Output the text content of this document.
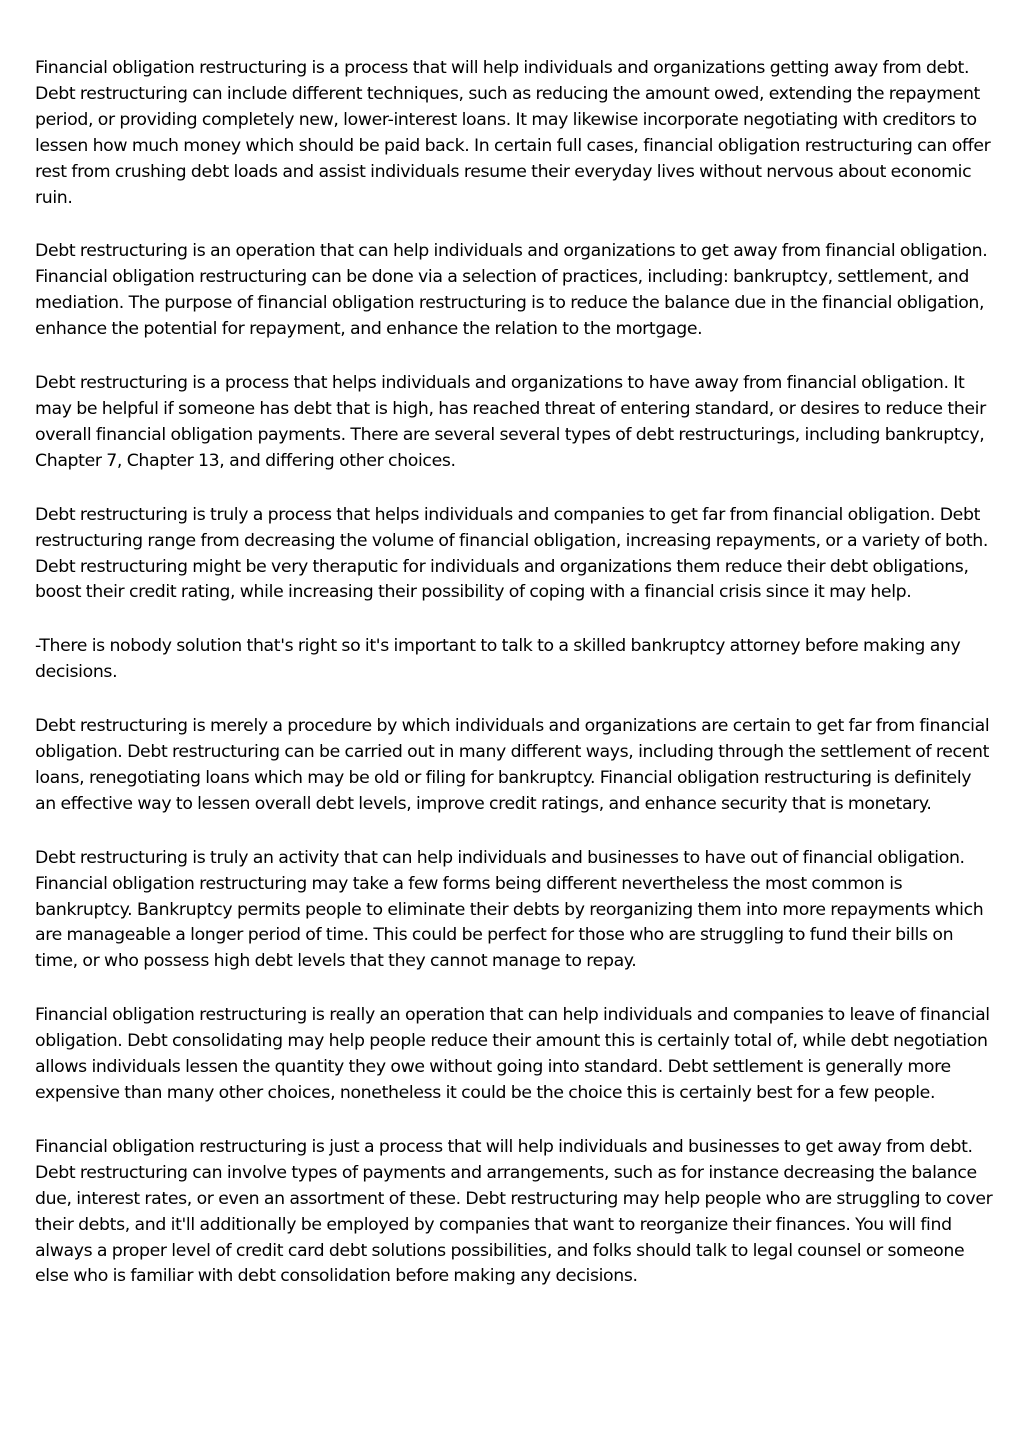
Financial obligation restructuring is a process that will help individuals and organizations getting away from debt. Debt restructuring can include different techniques, such as reducing the amount owed, extending the repayment period, or providing completely new, lower-interest loans. It may likewise incorporate negotiating with creditors to lessen how much money which should be paid back. In certain full cases, financial obligation restructuring can offer rest from crushing debt loads and assist individuals resume their everyday lives without nervous about economic ruin.

Debt restructuring is an operation that can help individuals and organizations to get away from financial obligation. Financial obligation restructuring can be done via a selection of practices, including: bankruptcy, settlement, and mediation. The purpose of financial obligation restructuring is to reduce the balance due in the financial obligation, enhance the potential for repayment, and enhance the relation to the mortgage.

Debt restructuring is a process that helps individuals and organizations to have away from financial obligation. It may be helpful if someone has debt that is high, has reached threat of entering standard, or desires to reduce their overall financial obligation payments. There are several several types of debt restructurings, including bankruptcy, Chapter 7, Chapter 13, and differing other choices.

Debt restructuring is truly a process that helps individuals and companies to get far from financial obligation. Debt restructuring range from decreasing the volume of financial obligation, increasing repayments, or a variety of both. Debt restructuring might be very theraputic for individuals and organizations them reduce their debt obligations, boost their credit rating, while increasing their possibility of coping with a financial crisis since it may help.

-There is nobody solution that's right so it's important to talk to a skilled bankruptcy attorney before making any decisions.

Debt restructuring is merely a procedure by which individuals and organizations are certain to get far from financial obligation. Debt restructuring can be carried out in many different ways, including through the settlement of recent loans, renegotiating loans which may be old or filing for bankruptcy. Financial obligation restructuring is definitely an effective way to lessen overall debt levels, improve credit ratings, and enhance security that is monetary.

Debt restructuring is truly an activity that can help individuals and businesses to have out of financial obligation. Financial obligation restructuring may take a few forms being different nevertheless the most common is bankruptcy. Bankruptcy permits people to eliminate their debts by reorganizing them into more repayments which are manageable a longer period of time. This could be perfect for those who are struggling to fund their bills on time, or who possess high debt levels that they cannot manage to repay.

Financial obligation restructuring is really an operation that can help individuals and companies to leave of financial obligation. Debt consolidating may help people reduce their amount this is certainly total of, while debt negotiation allows individuals lessen the quantity they owe without going into standard. Debt settlement is generally more expensive than many other choices, nonetheless it could be the choice this is certainly best for a few people.

Financial obligation restructuring is just a process that will help individuals and businesses to get away from debt. Debt restructuring can involve types of payments and arrangements, such as for instance decreasing the balance due, interest rates, or even an assortment of these. Debt restructuring may help people who are struggling to cover their debts, and it'll additionally be employed by companies that want to reorganize their finances. You will find always a proper level of credit card debt solutions possibilities, and folks should talk to legal counsel or someone else who is familiar with debt consolidation before making any decisions.
